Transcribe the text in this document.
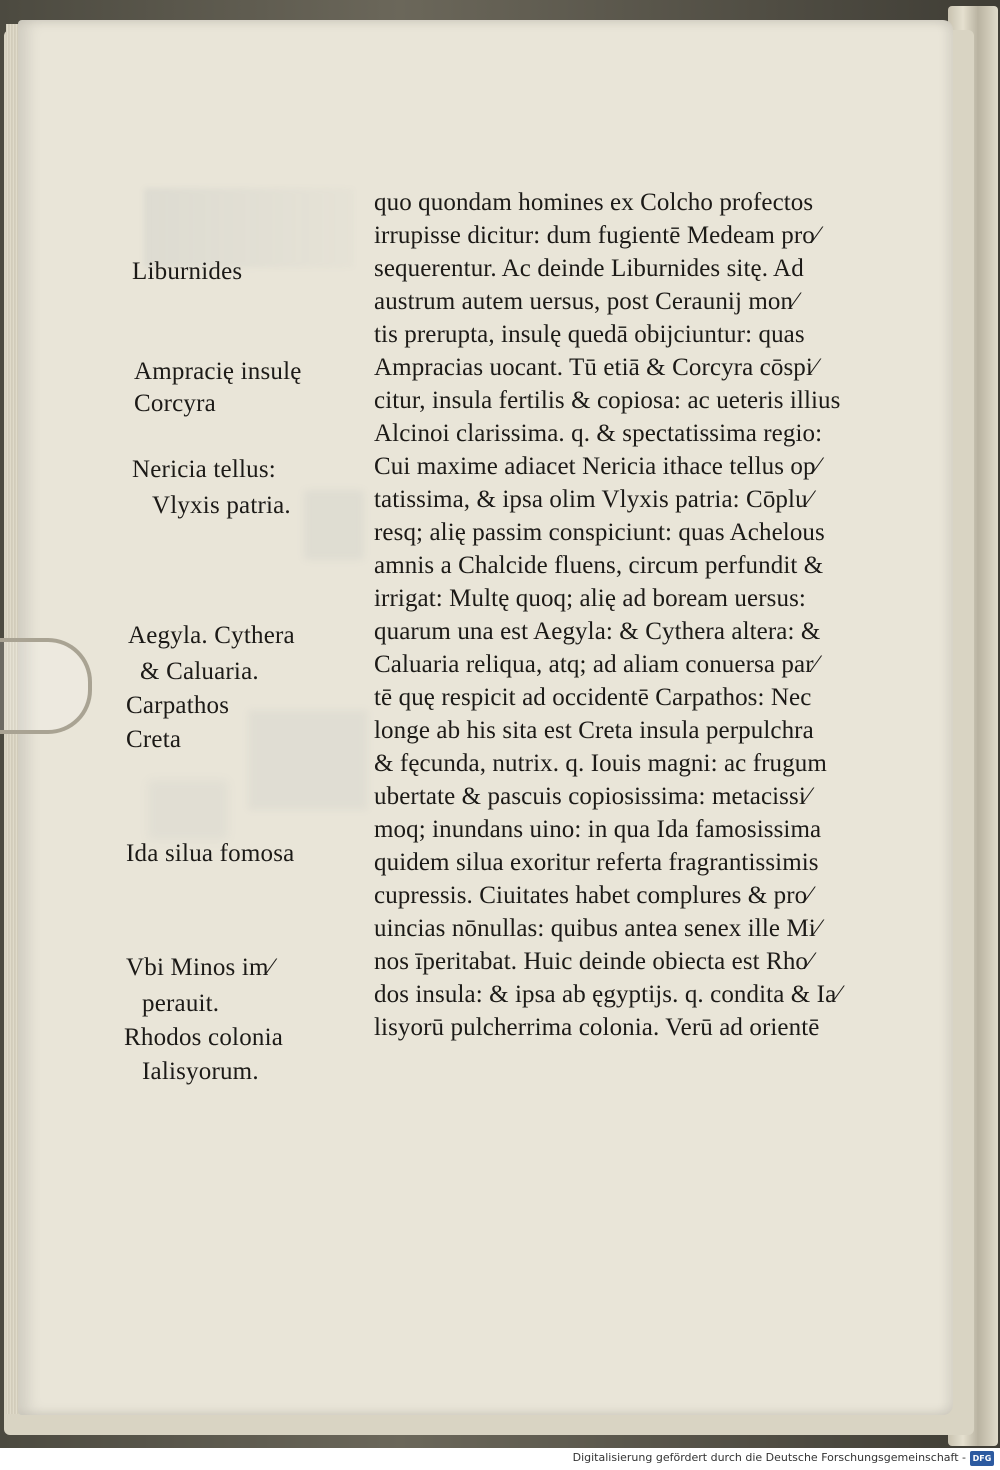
Liburnides
Ampracię insulę
Corcyra
Nericia tellus:
Vlyxis patria.
Aegyla. Cythera
& Caluaria.
Carpathos
Creta
Ida silua fomosa
Vbi Minos im⁄
perauit.
Rhodos colonia
Ialisyorum.
quo quondam homines ex Colcho profectos
irrupisse dicitur: dum fugientē Medeam pro⁄
sequerentur. Ac deinde Liburnides sitę. Ad
austrum autem uersus, post Ceraunij mon⁄
tis prerupta, insulę quedā obijciuntur: quas
Ampracias uocant. Tū etiā & Corcyra cōspi⁄
citur, insula fertilis & copiosa: ac ueteris illius
Alcinoi clarissima. q. & spectatissima regio:
Cui maxime adiacet Nericia ithace tellus op⁄
tatissima, & ipsa olim Vlyxis patria: Cōplu⁄
resq; alię passim conspiciunt: quas Achelous
amnis a Chalcide fluens, circum perfundit &
irrigat: Multę quoq; alię ad boream uersus:
quarum una est Aegyla: & Cythera altera: &
Caluaria reliqua, atq; ad aliam conuersa par⁄
tē quę respicit ad occidentē Carpathos: Nec
longe ab his sita est Creta insula perpulchra
& fęcunda, nutrix. q. Iouis magni: ac frugum
ubertate & pascuis copiosissima: metacissi⁄
moq; inundans uino: in qua Ida famosissima
quidem silua exoritur referta fragrantissimis
cupressis. Ciuitates habet complures & pro⁄
uincias nōnullas: quibus antea senex ille Mi⁄
nos īperitabat. Huic deinde obiecta est Rho⁄
dos insula: & ipsa ab ęgyptijs. q. condita & Ia⁄
lisyorū pulcherrima colonia. Verū ad orientē
Digitalisierung gefördert durch die Deutsche Forschungsgemeinschaft - DFG
